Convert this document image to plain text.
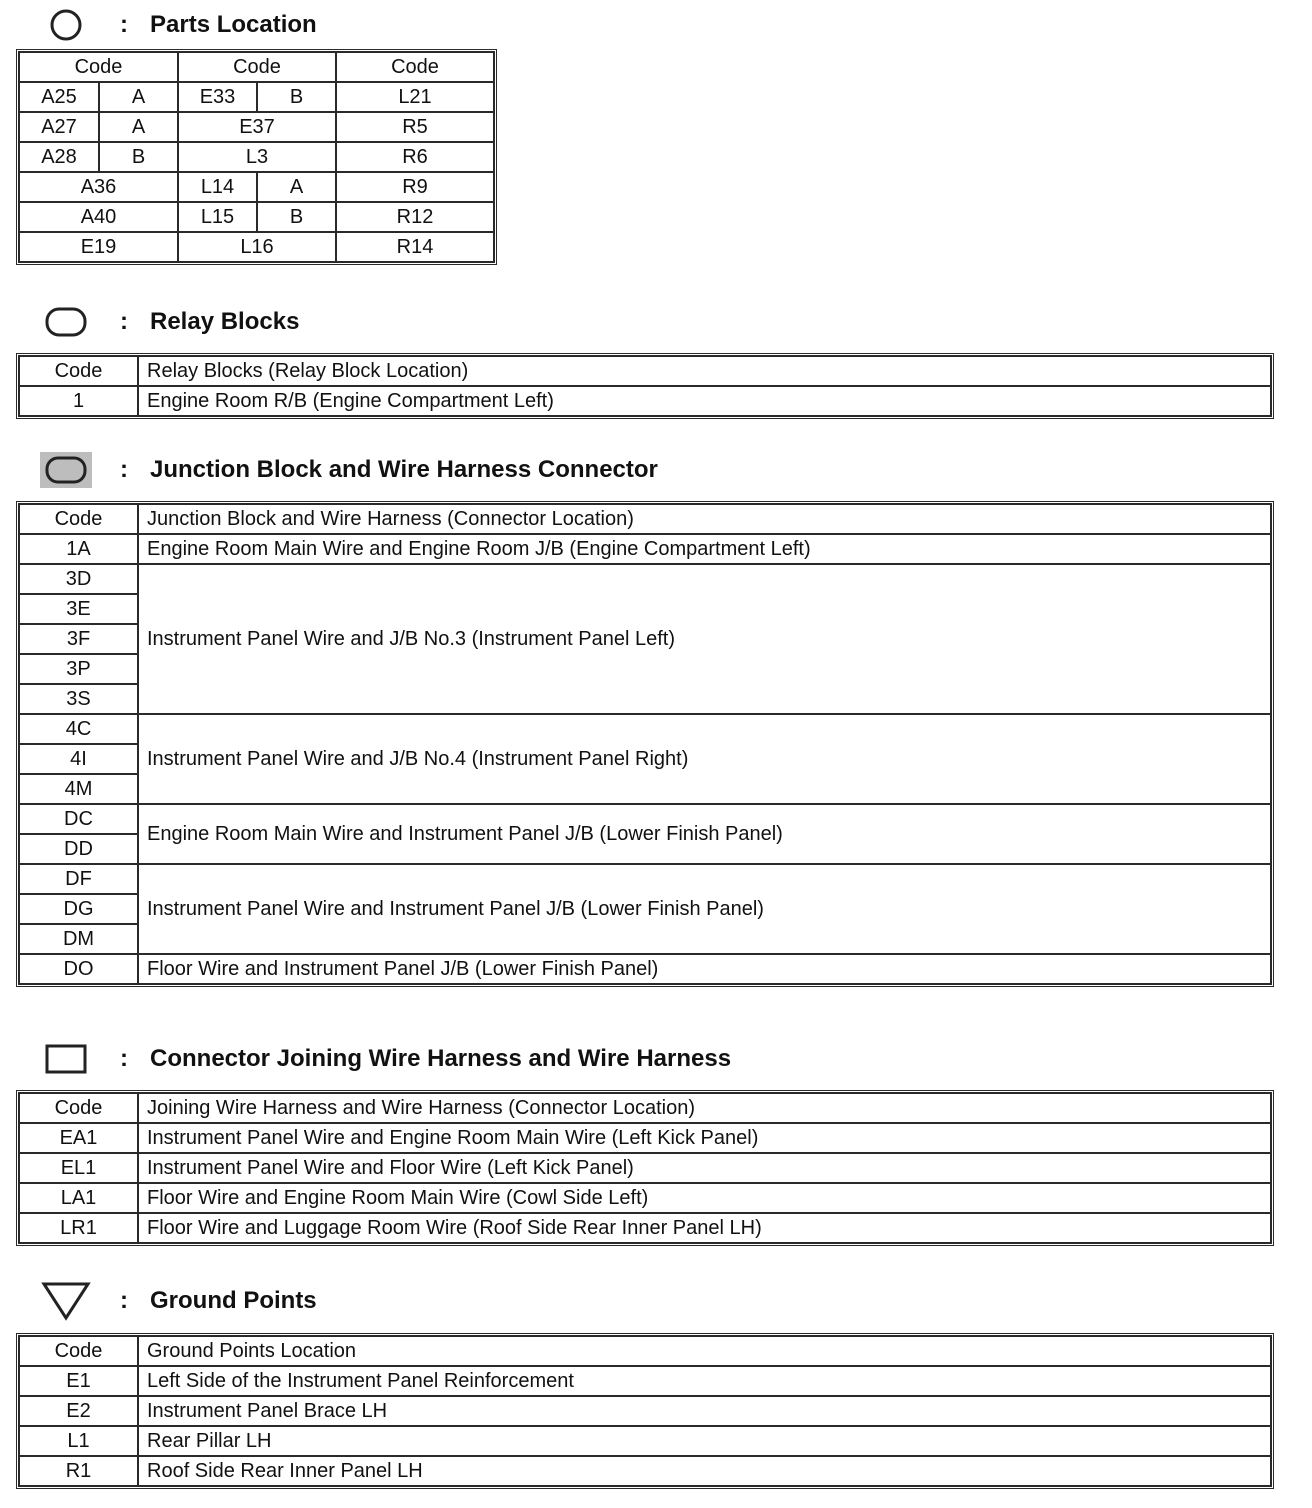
: Parts Location
Code		Code		Code
A25	A	E33	B	L21
A27	A	E37		R5
A28	B	L3		R6
A36		L14	A	R9
A40		L15	B	R12
E19		L16		R14
: Relay Blocks
Code	Relay Blocks (Relay Block Location)
1	Engine Room R/B (Engine Compartment Left)
: Junction Block and Wire Harness Connector
Code	Junction Block and Wire Harness (Connector Location)
1A	Engine Room Main Wire and Engine Room J/B (Engine Compartment Left)
3D	Instrument Panel Wire and J/B No.3 (Instrument Panel Left)
3E	
3F	
3P	
3S	
4C	Instrument Panel Wire and J/B No.4 (Instrument Panel Right)
4I	
4M	
DC	Engine Room Main Wire and Instrument Panel J/B (Lower Finish Panel)
DD	
DF	Instrument Panel Wire and Instrument Panel J/B (Lower Finish Panel)
DG	
DM	
DO	Floor Wire and Instrument Panel J/B (Lower Finish Panel)
: Connector Joining Wire Harness and Wire Harness
Code	Joining Wire Harness and Wire Harness (Connector Location)
EA1	Instrument Panel Wire and Engine Room Main Wire (Left Kick Panel)
EL1	Instrument Panel Wire and Floor Wire (Left Kick Panel)
LA1	Floor Wire and Engine Room Main Wire (Cowl Side Left)
LR1	Floor Wire and Luggage Room Wire (Roof Side Rear Inner Panel LH)
: Ground Points
Code	Ground Points Location
E1	Left Side of the Instrument Panel Reinforcement
E2	Instrument Panel Brace LH
L1	Rear Pillar LH
R1	Roof Side Rear Inner Panel LH
